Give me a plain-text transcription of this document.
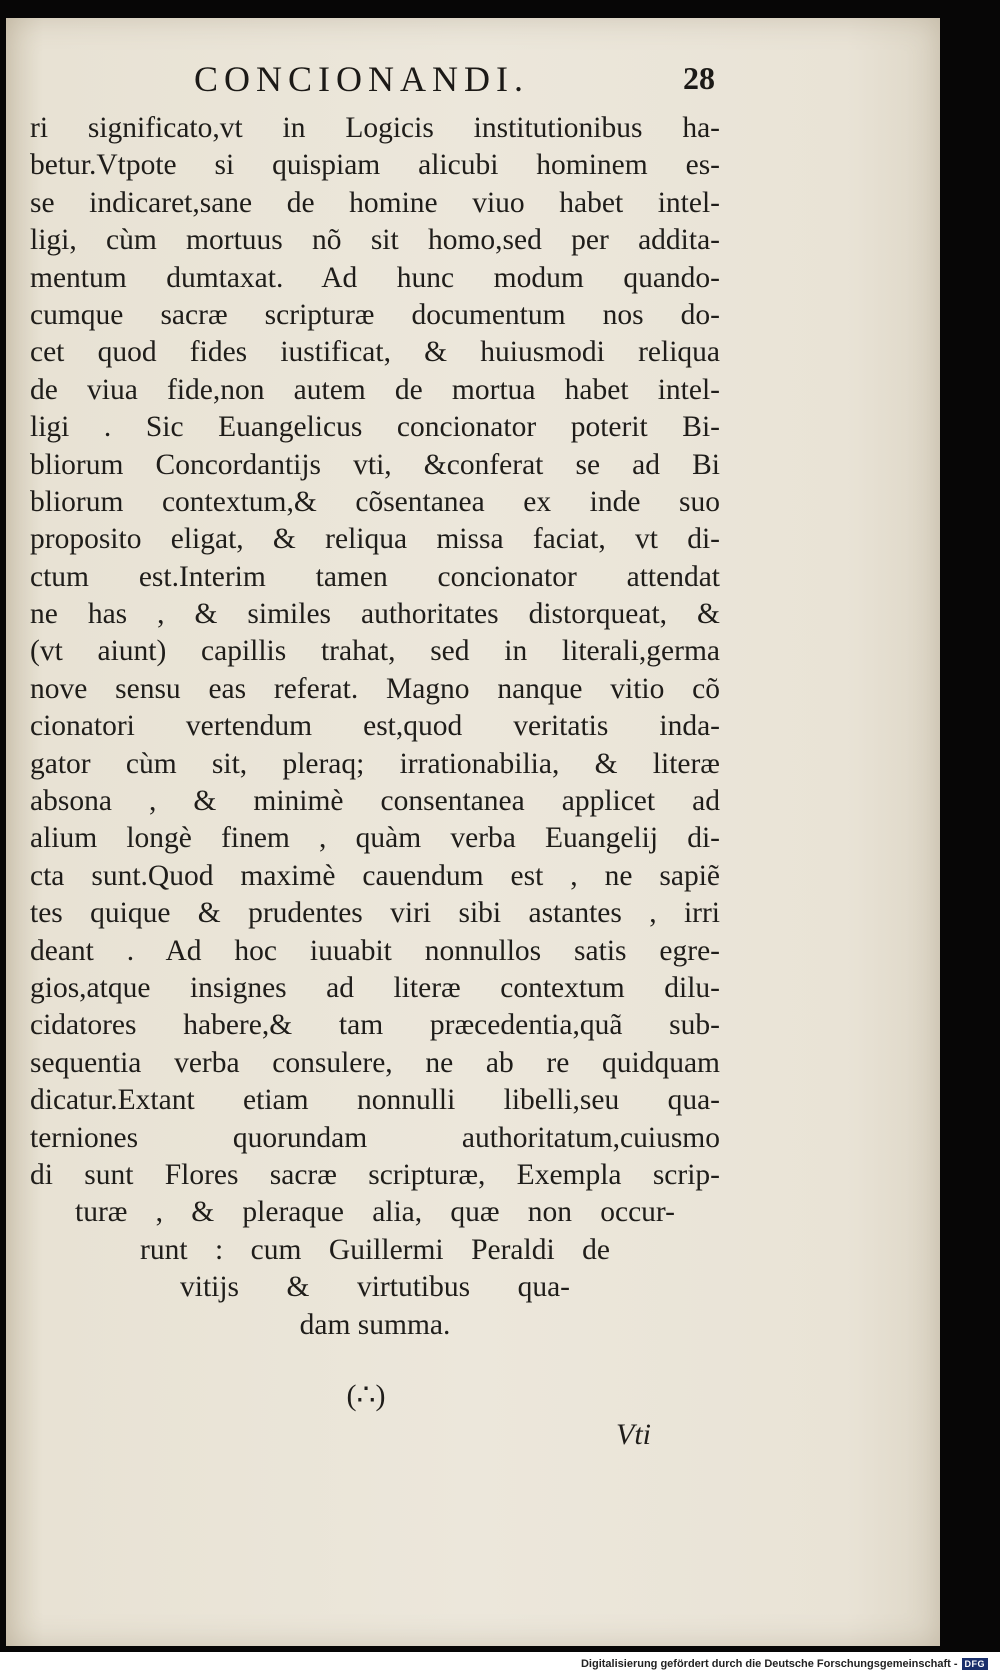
CONCIONANDI.	28
ri significato,vt in Logicis institutionibus ha-
betur.Vtpote si quispiam alicubi hominem es-
se indicaret,sane de homine viuo habet intel-
ligi, cùm mortuus nõ sit homo,sed per addita-
mentum dumtaxat. Ad hunc modum quando-
cumque sacræ scripturæ documentum nos do-
cet quod fides iustificat, & huiusmodi reliqua
de viua fide,non autem de mortua habet intel-
ligi . Sic Euangelicus concionator poterit Bi-
bliorum Concordantijs vti, &conferat se ad Bi
bliorum contextum,& cõsentanea ex inde suo
proposito eligat, & reliqua missa faciat, vt di-
ctum est.Interim tamen concionator attendat
ne has , & similes authoritates distorqueat, &
(vt aiunt) capillis trahat, sed in literali,germa
nove sensu eas referat. Magno nanque vitio cõ
cionatori vertendum est,quod veritatis inda-
gator cùm sit, pleraq; irrationabilia, & literæ
absona , & minimè consentanea applicet ad
alium longè finem , quàm verba Euangelij di-
cta sunt.Quod maximè cauendum est , ne sapiẽ
tes quique & prudentes viri sibi astantes , irri
deant . Ad hoc iuuabit nonnullos satis egre-
gios,atque insignes ad literæ contextum dilu-
cidatores habere,& tam præcedentia,quã sub-
sequentia verba consulere, ne ab re quidquam
dicatur.Extant etiam nonnulli libelli,seu qua-
terniones quorundam authoritatum,cuiusmo
di sunt Flores sacræ scripturæ, Exempla scrip-
turæ , & pleraque alia, quæ non occur-
runt : cum Guillermi Peraldi de
vitijs & virtutibus qua-
dam summa.
(∴)
Vti
Digitalisierung gefördert durch die Deutsche Forschungsgemeinschaft - DFG
